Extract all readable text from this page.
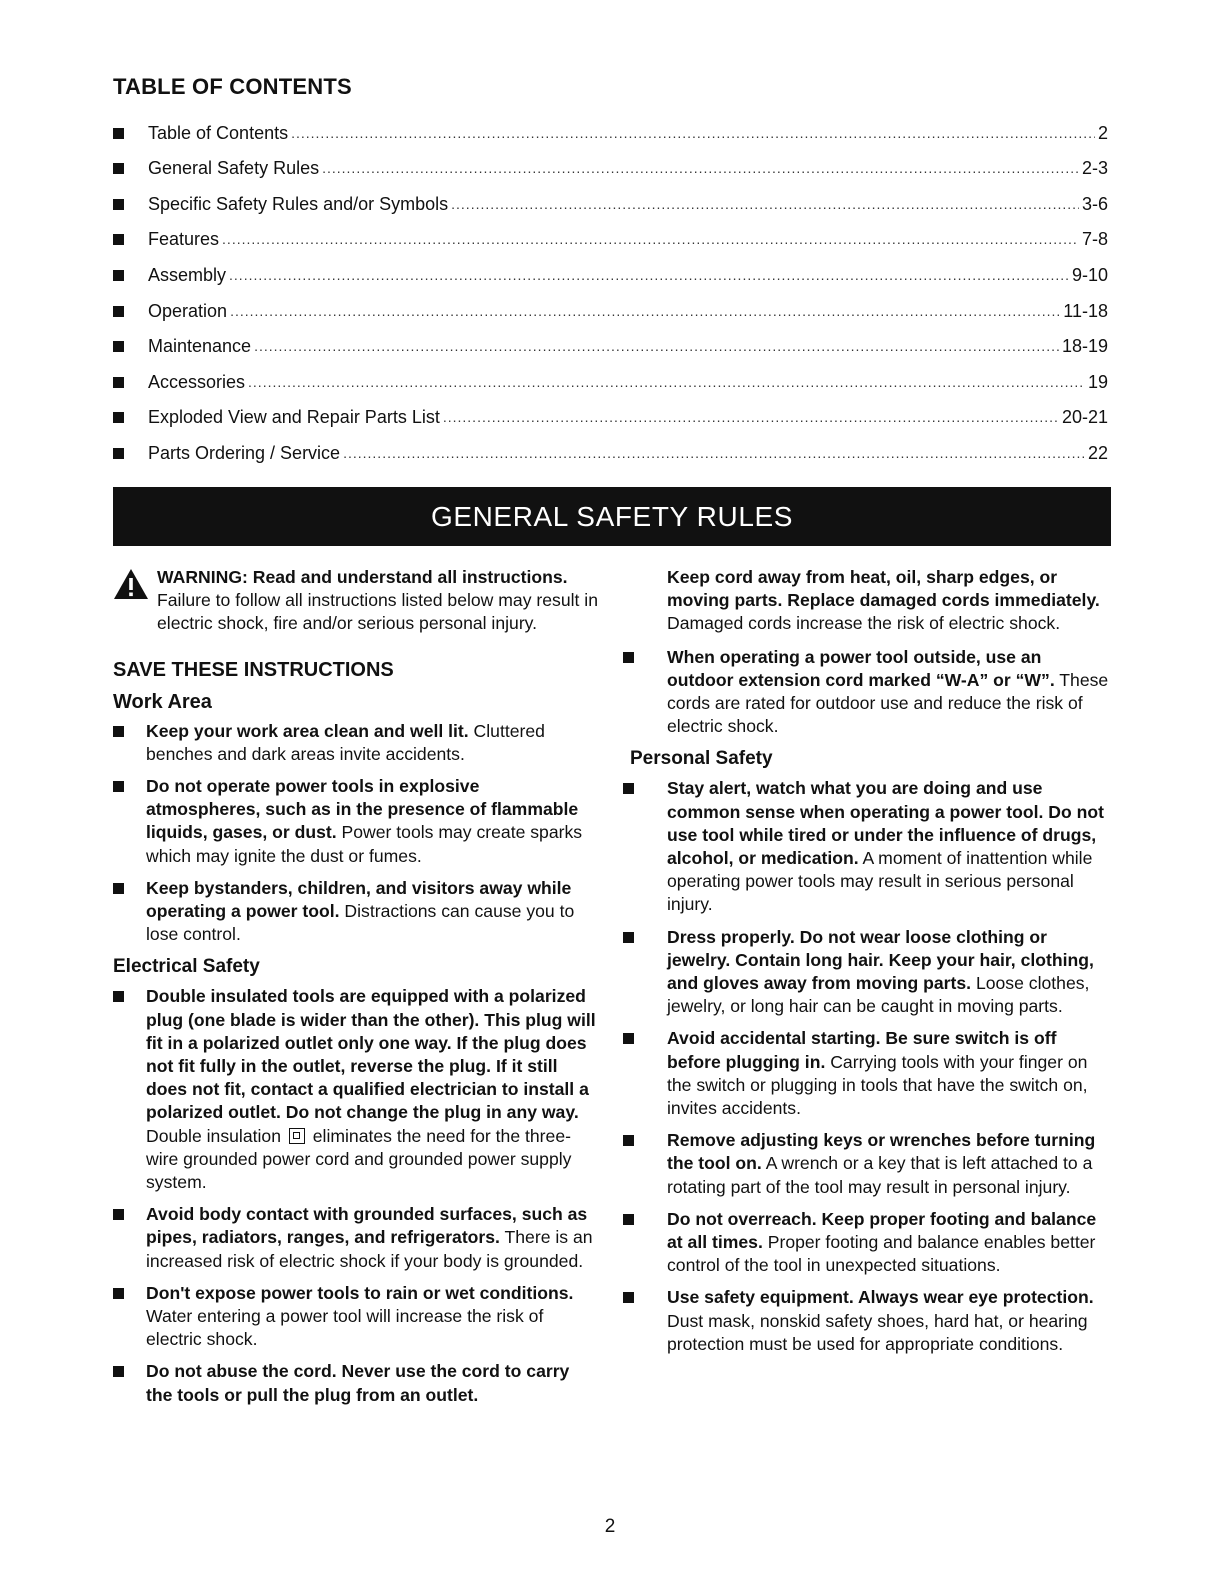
TABLE OF CONTENTS
Table of Contents .....	2
General Safety Rules .....	2-3
Specific Safety Rules and/or Symbols .....	3-6
Features .....	7-8
Assembly .....	9-10
Operation .....	11-18
Maintenance .....	18-19
Accessories .....	19
Exploded View and Repair Parts List .....	20-21
Parts Ordering / Service .....	22
GENERAL SAFETY RULES
WARNING: Read and understand all instructions. Failure to follow all instructions listed below may result in electric shock, fire and/or serious personal injury.
SAVE THESE INSTRUCTIONS
Work Area
Keep your work area clean and well lit. Cluttered benches and dark areas invite accidents.
Do not operate power tools in explosive atmospheres, such as in the presence of flammable liquids, gases, or dust. Power tools may create sparks which may ignite the dust or fumes.
Keep bystanders, children, and visitors away while operating a power tool. Distractions can cause you to lose control.
Electrical Safety
Double insulated tools are equipped with a polarized plug (one blade is wider than the other). This plug will fit in a polarized outlet only one way. If the plug does not fit fully in the outlet, reverse the plug. If it still does not fit, contact a qualified electrician to install a polarized outlet. Do not change the plug in any way. Double insulation  eliminates the need for the three-wire grounded power cord and grounded power supply system.
Avoid body contact with grounded surfaces, such as pipes, radiators, ranges, and refrigerators. There is an increased risk of electric shock if your body is grounded.
Don't expose power tools to rain or wet conditions. Water entering a power tool will increase the risk of electric shock.
Do not abuse the cord. Never use the cord to carry the tools or pull the plug from an outlet.
Keep cord away from heat, oil, sharp edges, or moving parts. Replace damaged cords immediately. Damaged cords increase the risk of electric shock.
When operating a power tool outside, use an outdoor extension cord marked “W-A” or “W”. These cords are rated for outdoor use and reduce the risk of electric shock.
Personal Safety
Stay alert, watch what you are doing and use common sense when operating a power tool. Do not use tool while tired or under the influence of drugs, alcohol, or medication. A moment of inattention while operating power tools may result in serious personal injury.
Dress properly. Do not wear loose clothing or jewelry. Contain long hair. Keep your hair, clothing, and gloves away from moving parts. Loose clothes, jewelry, or long hair can be caught in moving parts.
Avoid accidental starting. Be sure switch is off before plugging in. Carrying tools with your finger on the switch or plugging in tools that have the switch on, invites accidents.
Remove adjusting keys or wrenches before turning the tool on. A wrench or a key that is left attached to a rotating part of the tool may result in personal injury.
Do not overreach. Keep proper footing and balance at all times. Proper footing and balance enables better control of the tool in unexpected situations.
Use safety equipment. Always wear eye protection. Dust mask, nonskid safety shoes, hard hat, or hearing protection must be used for appropriate conditions.
2
